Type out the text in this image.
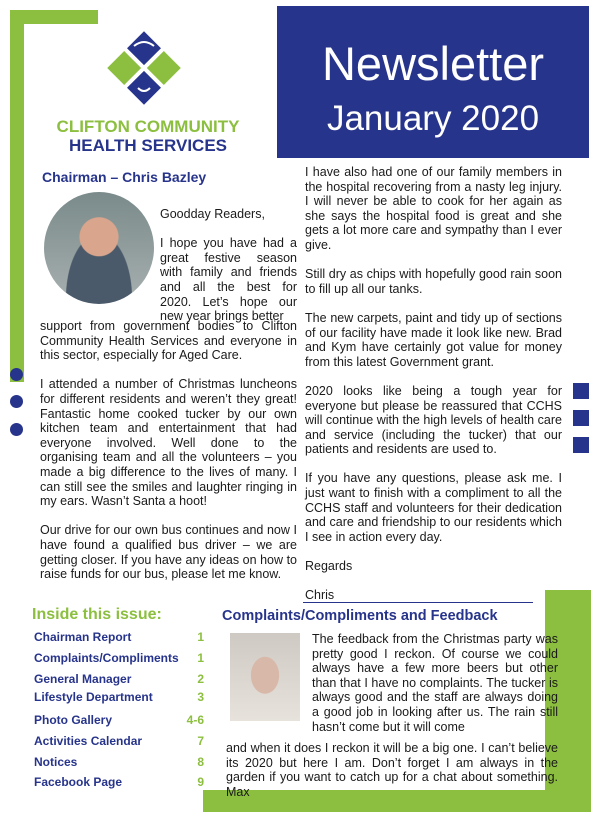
CLIFTON COMMUNITY
HEALTH SERVICES
Newsletter
January 2020
Chairman – Chris Bazley

Goodday Readers,

I hope you have had a great festive season with family and friends and all the best for 2020. Let’s hope our new year brings better

support from government bodies to Clifton Community Health Services and everyone in this sector, especially for Aged Care.

I attended a number of Christmas luncheons for different residents and weren’t they great! Fantastic home cooked tucker by our own kitchen team and entertainment that had everyone involved. Well done to the organising team and all the volunteers – you made a big difference to the lives of many. I can still see the smiles and laughter ringing in my ears. Wasn’t Santa a hoot!

Our drive for our own bus continues and now I have found a qualified bus driver – we are getting closer. If you have any ideas on how to raise funds for our bus, please let me know.

I have also had one of our family members in the hospital recovering from a nasty leg injury. I will never be able to cook for her again as she says the hospital food is great and she gets a lot more care and sympathy than I ever give.

Still dry as chips with hopefully good rain soon to fill up all our tanks.

The new carpets, paint and tidy up of sections of our facility have made it look like new. Brad and Kym have certainly got value for money from this latest Government grant.

2020 looks like being a tough year for everyone but please be reassured that CCHS will continue with the high levels of health care and service (including the tucker) that our patients and residents are used to.

If you have any questions, please ask me. I just want to finish with a compliment to all the CCHS staff and volunteers for their dedication and care and friendship to our residents which I see in action every day.

Regards

Chris

Inside this issue:
Chairman Report	1
Complaints/Compliments 1
General Manager	2
Lifestyle Department	3
Photo Gallery	4-6
Activities Calendar	7
Notices	8
Facebook Page	9
Complaints/Compliments and Feedback

The feedback from the Christmas party was pretty good I reckon. Of course we could always have a few more beers but other than that I have no complaints. The tucker is always good and the staff are always doing a good job in looking after us. The rain still hasn’t come but it will come

and when it does I reckon it will be a big one. I can’t believe its 2020 but here I am. Don’t forget I am always in the garden if you want to catch up for a chat about something. Max
